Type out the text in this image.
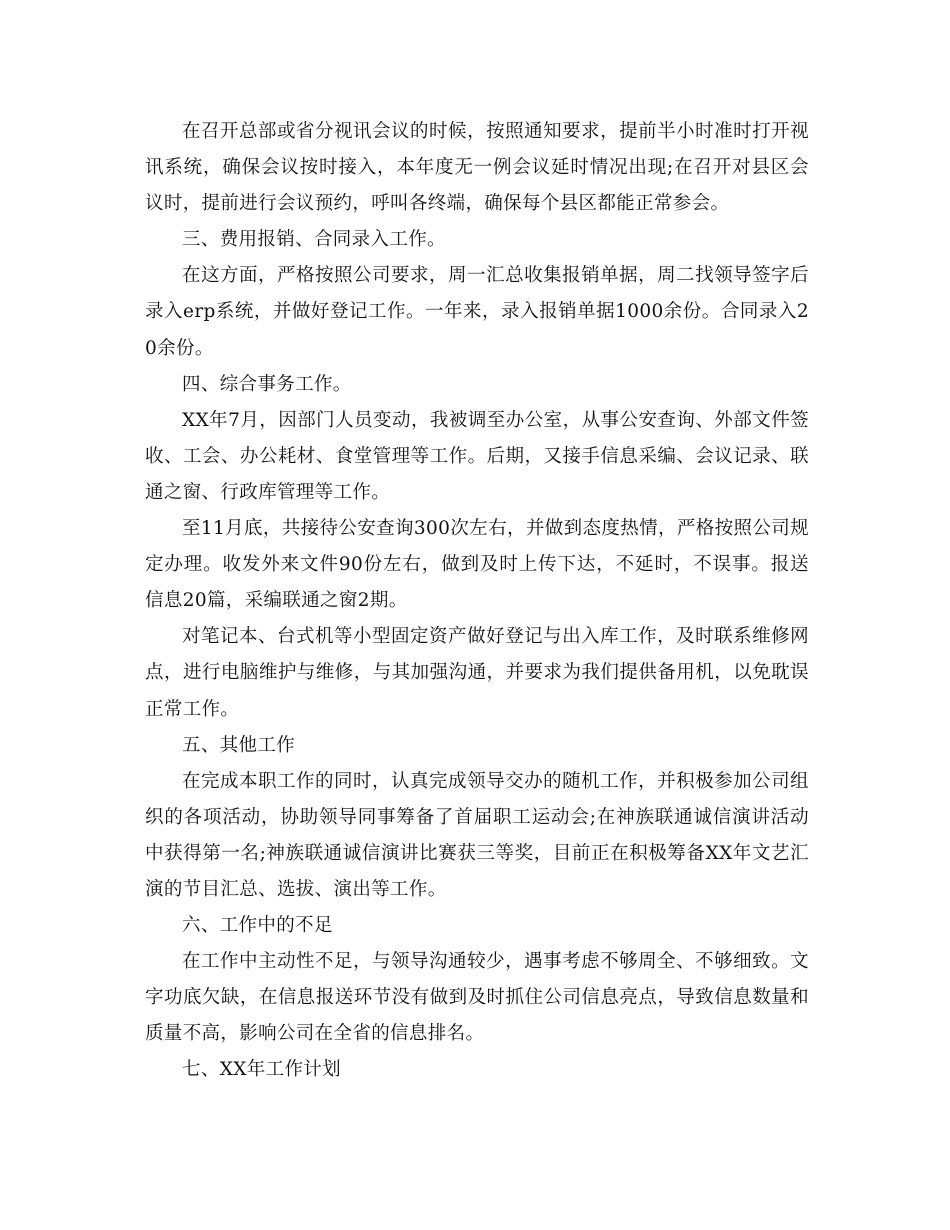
在召开总部或省分视讯会议的时候，按照通知要求，提前半小时准时打开视讯系统，确保会议按时接入，本年度无一例会议延时情况出现;在召开对县区会议时，提前进行会议预约，呼叫各终端，确保每个县区都能正常参会。

三、费用报销、合同录入工作。

在这方面，严格按照公司要求，周一汇总收集报销单据，周二找领导签字后录入erp系统，并做好登记工作。一年来，录入报销单据1000余份。合同录入20余份。

四、综合事务工作。

XX年7月，因部门人员变动，我被调至办公室，从事公安查询、外部文件签收、工会、办公耗材、食堂管理等工作。后期，又接手信息采编、会议记录、联通之窗、行政库管理等工作。

至11月底，共接待公安查询300次左右，并做到态度热情，严格按照公司规定办理。收发外来文件90份左右，做到及时上传下达，不延时，不误事。报送信息20篇，采编联通之窗2期。

对笔记本、台式机等小型固定资产做好登记与出入库工作，及时联系维修网点，进行电脑维护与维修，与其加强沟通，并要求为我们提供备用机，以免耽误正常工作。

五、其他工作

在完成本职工作的同时，认真完成领导交办的随机工作，并积极参加公司组织的各项活动，协助领导同事筹备了首届职工运动会;在神族联通诚信演讲活动中获得第一名;神族联通诚信演讲比赛获三等奖，目前正在积极筹备XX年文艺汇演的节目汇总、选拔、演出等工作。

六、工作中的不足

在工作中主动性不足，与领导沟通较少，遇事考虑不够周全、不够细致。文字功底欠缺，在信息报送环节没有做到及时抓住公司信息亮点，导致信息数量和质量不高，影响公司在全省的信息排名。

七、XX年工作计划
